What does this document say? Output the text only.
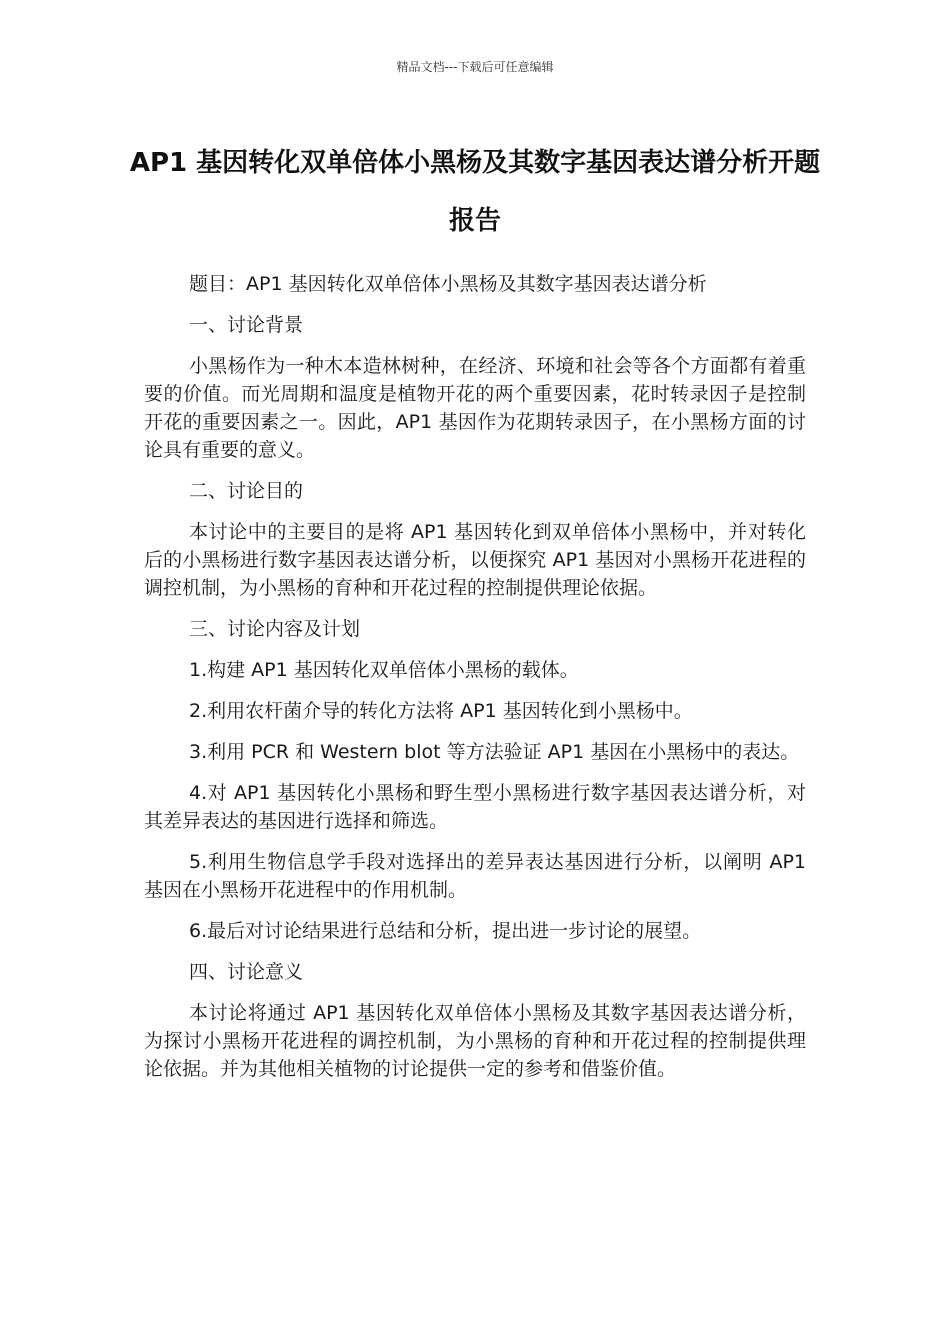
精品文档---下载后可任意编辑
AP1 基因转化双单倍体小黑杨及其数字基因表达谱分析开题报告

题目：AP1 基因转化双单倍体小黑杨及其数字基因表达谱分析

一、讨论背景

小黑杨作为一种木本造林树种，在经济、环境和社会等各个方面都有着重要的价值。而光周期和温度是植物开花的两个重要因素，花时转录因子是控制开花的重要因素之一。因此，AP1 基因作为花期转录因子，在小黑杨方面的讨论具有重要的意义。

二、讨论目的

本讨论中的主要目的是将 AP1 基因转化到双单倍体小黑杨中，并对转化后的小黑杨进行数字基因表达谱分析，以便探究 AP1 基因对小黑杨开花进程的调控机制，为小黑杨的育种和开花过程的控制提供理论依据。

三、讨论内容及计划

1.构建 AP1 基因转化双单倍体小黑杨的载体。

2.利用农杆菌介导的转化方法将 AP1 基因转化到小黑杨中。

3.利用 PCR 和 Western blot 等方法验证 AP1 基因在小黑杨中的表达。

4.对 AP1 基因转化小黑杨和野生型小黑杨进行数字基因表达谱分析，对其差异表达的基因进行选择和筛选。

5.利用生物信息学手段对选择出的差异表达基因进行分析，以阐明 AP1 基因在小黑杨开花进程中的作用机制。

6.最后对讨论结果进行总结和分析，提出进一步讨论的展望。

四、讨论意义

本讨论将通过 AP1 基因转化双单倍体小黑杨及其数字基因表达谱分析，为探讨小黑杨开花进程的调控机制，为小黑杨的育种和开花过程的控制提供理论依据。并为其他相关植物的讨论提供一定的参考和借鉴价值。
